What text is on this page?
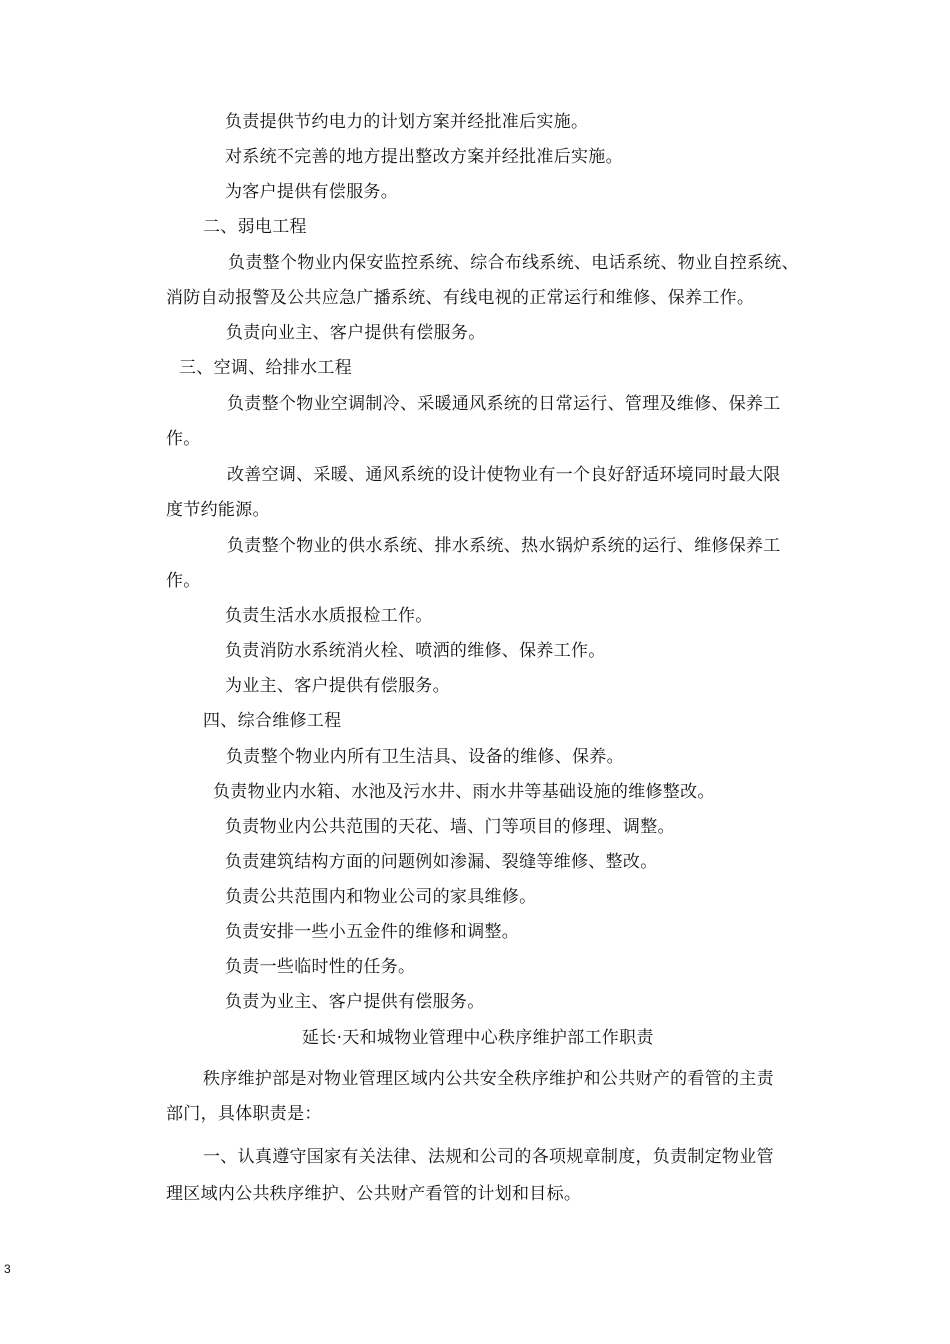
负责提供节约电力的计划方案并经批准后实施。
对系统不完善的地方提出整改方案并经批准后实施。
为客户提供有偿服务。
二、弱电工程
负责整个物业内保安监控系统、综合布线系统、电话系统、物业自控系统、
消防自动报警及公共应急广播系统、有线电视的正常运行和维修、保养工作。
负责向业主、客户提供有偿服务。
三、空调、给排水工程
负责整个物业空调制冷、采暖通风系统的日常运行、管理及维修、保养工
作。
改善空调、采暖、通风系统的设计使物业有一个良好舒适环境同时最大限
度节约能源。
负责整个物业的供水系统、排水系统、热水锅炉系统的运行、维修保养工
作。
负责生活水水质报检工作。
负责消防水系统消火栓、喷洒的维修、保养工作。
为业主、客户提供有偿服务。
四、综合维修工程
负责整个物业内所有卫生洁具、设备的维修、保养。
负责物业内水箱、水池及污水井、雨水井等基础设施的维修整改。
负责物业内公共范围的天花、墙、门等项目的修理、调整。
负责建筑结构方面的问题例如渗漏、裂缝等维修、整改。
负责公共范围内和物业公司的家具维修。
负责安排一些小五金件的维修和调整。
负责一些临时性的任务。
负责为业主、客户提供有偿服务。
延长·天和城物业管理中心秩序维护部工作职责
秩序维护部是对物业管理区域内公共安全秩序维护和公共财产的看管的主责
部门，具体职责是：
一、认真遵守国家有关法律、法规和公司的各项规章制度，负责制定物业管
理区域内公共秩序维护、公共财产看管的计划和目标。
3
